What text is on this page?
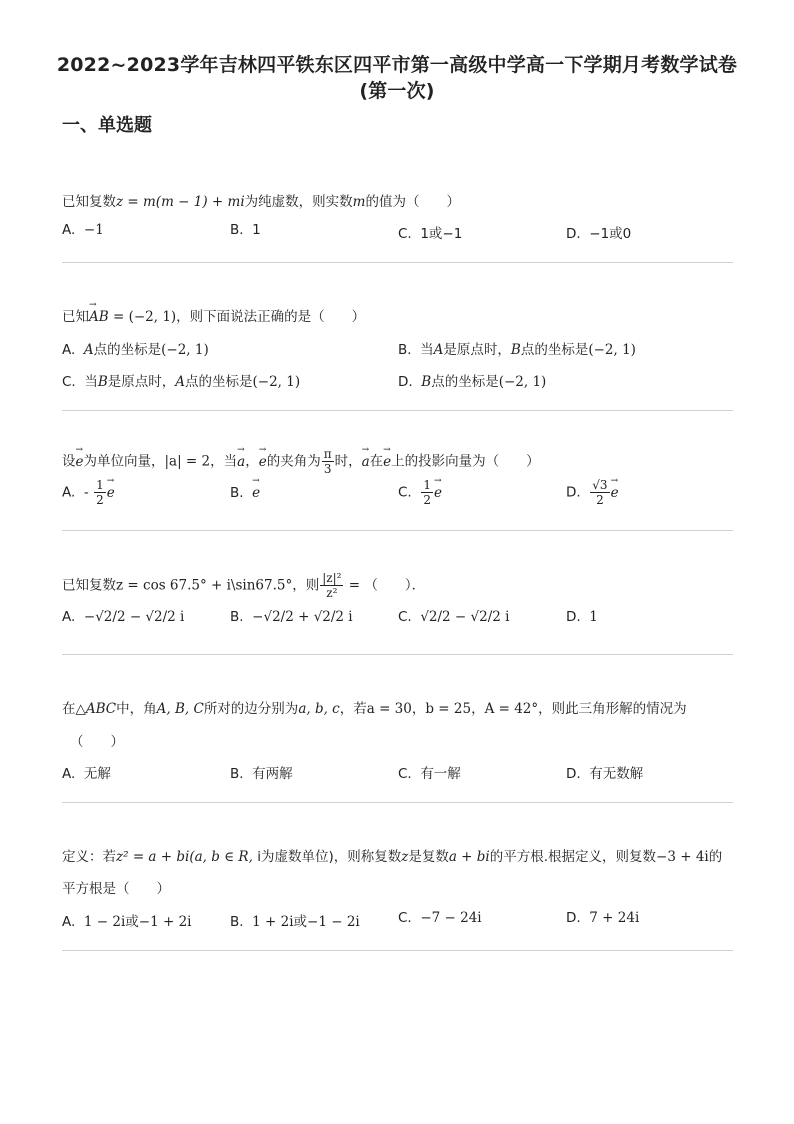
2022~2023学年吉林四平铁东区四平市第一高级中学高一下学期月考数学试卷
(第一次)
一、单选题
已知复数z = m(m − 1) + mi为纯虚数，则实数m的值为（　　）
A. −1	B. 1	C. 1或−1	D. −1或0
已知→ AB = (−2, 1)，则下面说法正确的是（　　）
A. A点的坐标是(−2, 1)	B. 当A是原点时，B点的坐标是(−2, 1)
C. 当B是原点时，A点的坐标是(−2, 1)	D. B点的坐标是(−2, 1)
设→ e为单位向量，|a| = 2，当→ a，→ e的夹角为 $\frac{\pi}{3}$ 时，→ a在→ e上的投影向量为（　　）
A. - $\frac{1}{2}$
→ e	B.  → e	C. $\frac{1}{2}$
→ e	D. $\frac{√3}{2}$
→ e
已知复数z = cos 67.5° + i\sin67.5°，则 $\frac{\text{|z|²}}{\text{z²}}$ = （　　）．
A. −√2/2 − √2/2 i	B. −√2/2 + √2/2 i	C. √2/2 − √2/2 i	D. 1
在△ABC中，角A, B, C所对的边分别为a, b, c，若a = 30，b = 25，A = 42°，则此三角形解的情况为
（　　）
A. 无解	B. 有两解	C. 有一解	D. 有无数解
定义：若z² = a + bi(a, b ∈ R, i为虚数单位)，则称复数z是复数a + bi的平方根.根据定义，则复数−3 + 4i的
平方根是（　　）
A. 1 − 2i或−1 + 2i	B. 1 + 2i或−1 − 2i	C. −7 − 24i	D. 7 + 24i
